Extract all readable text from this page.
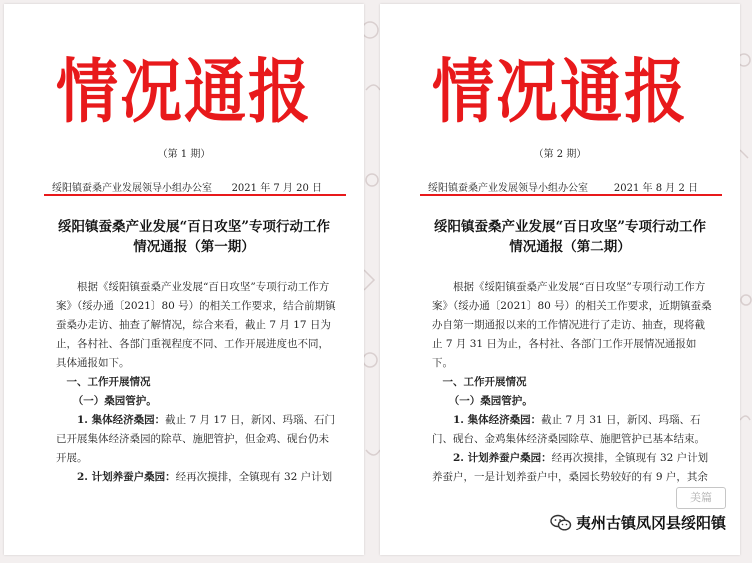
情况通报
（第 1 期）
绥阳镇蚕桑产业发展领导小组办公室 2021 年 7 月 20 日
绥阳镇蚕桑产业发展“百日攻坚”专项行动工作
情况通报（第一期）

根据《绥阳镇蚕桑产业发展“百日攻坚”专项行动工作方案》（绥办通〔2021〕80 号）的相关工作要求，结合前期镇蚕桑办走访、抽查了解情况，综合来看，截止 7 月 17 日为止，各村社、各部门重视程度不同、工作开展进度也不同，具体通报如下。

一、工作开展情况

（一）桑园管护。

1. 集体经济桑园：截止 7 月 17 日，新冈、玛瑙、石门已开展集体经济桑园的除草、施肥管护，但金鸡、砚台仍未开展。

2. 计划养蚕户桑园：经再次摸排，全镇现有 32 户计划

情况通报
（第 2 期）
绥阳镇蚕桑产业发展领导小组办公室	2021 年 8 月 2 日
绥阳镇蚕桑产业发展“百日攻坚”专项行动工作
情况通报（第二期）

根据《绥阳镇蚕桑产业发展“百日攻坚”专项行动工作方案》（绥办通〔2021〕80 号）的相关工作要求，近期镇蚕桑办自第一期通报以来的工作情况进行了走访、抽查，现将截止 7 月 31 日为止，各村社、各部门工作开展情况通报如下。

一、工作开展情况

（一）桑园管护。

1. 集体经济桑园：截止 7 月 31 日，新冈、玛瑙、石门、砚台、金鸡集体经济桑园除草、施肥管护已基本结束。

2. 计划养蚕户桑园：经再次摸排，全镇现有 32 户计划养蚕户，一是计划养蚕户中，桑园长势较好的有 9 户，其余

美篇
夷州古镇凤冈县绥阳镇
